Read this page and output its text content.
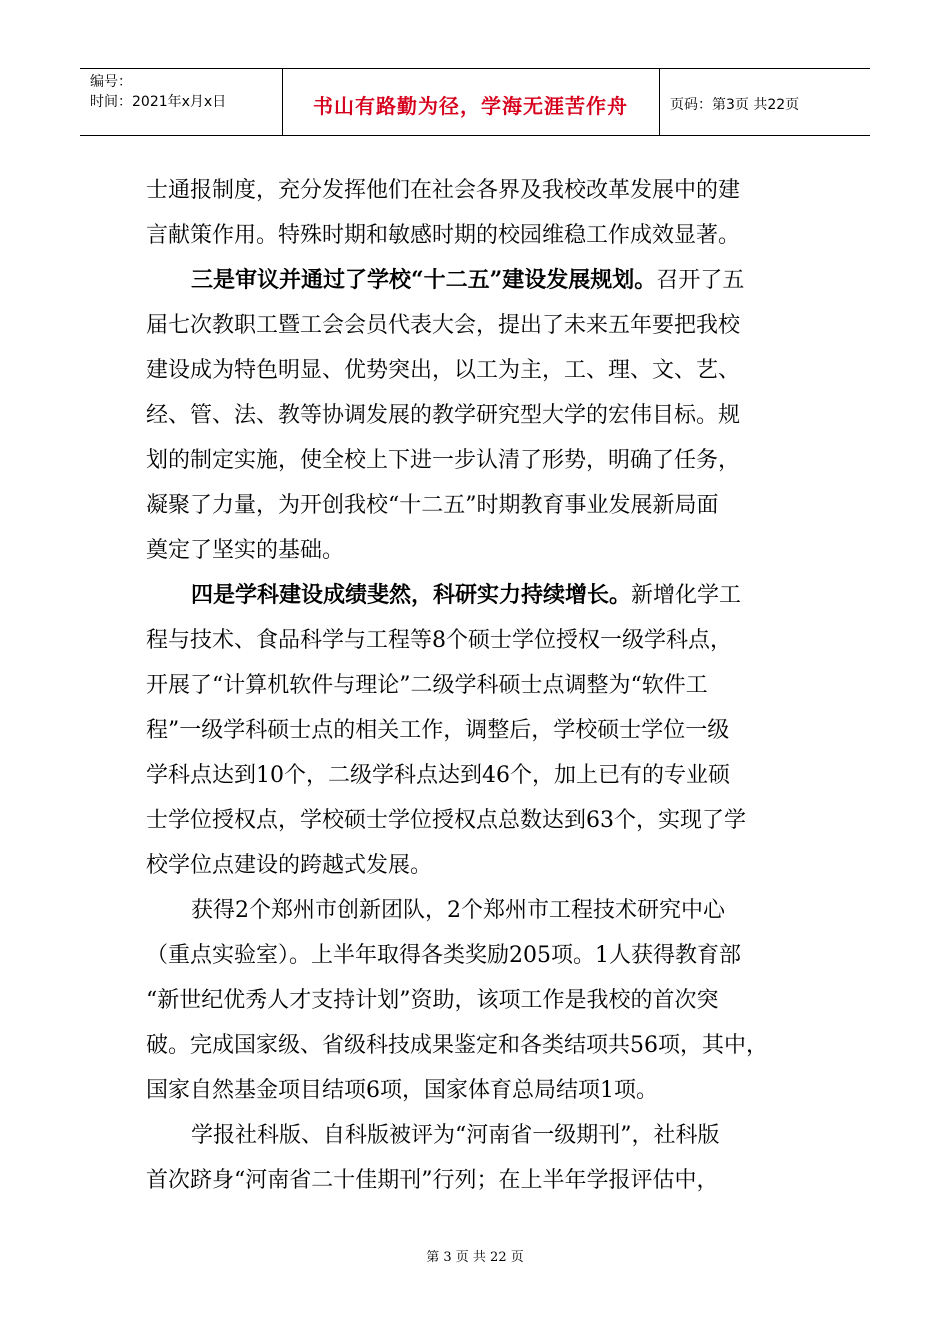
编号：
时间：2021年x月x日	书山有路勤为径，学海无涯苦作舟	页码：第3页 共22页
士通报制度，充分发挥他们在社会各界及我校改革发展中的建
言献策作用。特殊时期和敏感时期的校园维稳工作成效显著。
三是审议并通过了学校“十二五”建设发展规划。召开了五
届七次教职工暨工会会员代表大会，提出了未来五年要把我校
建设成为特色明显、优势突出，以工为主，工、理、文、艺、
经、管、法、教等协调发展的教学研究型大学的宏伟目标。规
划的制定实施，使全校上下进一步认清了形势，明确了任务，
凝聚了力量，为开创我校“十二五”时期教育事业发展新局面
奠定了坚实的基础。
四是学科建设成绩斐然，科研实力持续增长。新增化学工
程与技术、食品科学与工程等8个硕士学位授权一级学科点，
开展了“计算机软件与理论”二级学科硕士点调整为“软件工
程”一级学科硕士点的相关工作，调整后，学校硕士学位一级
学科点达到10个，二级学科点达到46个，加上已有的专业硕
士学位授权点，学校硕士学位授权点总数达到63个，实现了学
校学位点建设的跨越式发展。
获得2个郑州市创新团队，2个郑州市工程技术研究中心
（重点实验室）。上半年取得各类奖励205项。1人获得教育部
“新世纪优秀人才支持计划”资助，该项工作是我校的首次突
破。完成国家级、省级科技成果鉴定和各类结项共56项，其中，
国家自然基金项目结项6项，国家体育总局结项1项。
学报社科版、自科版被评为“河南省一级期刊”，社科版
首次跻身“河南省二十佳期刊”行列；在上半年学报评估中，
第 3 页 共 22 页
